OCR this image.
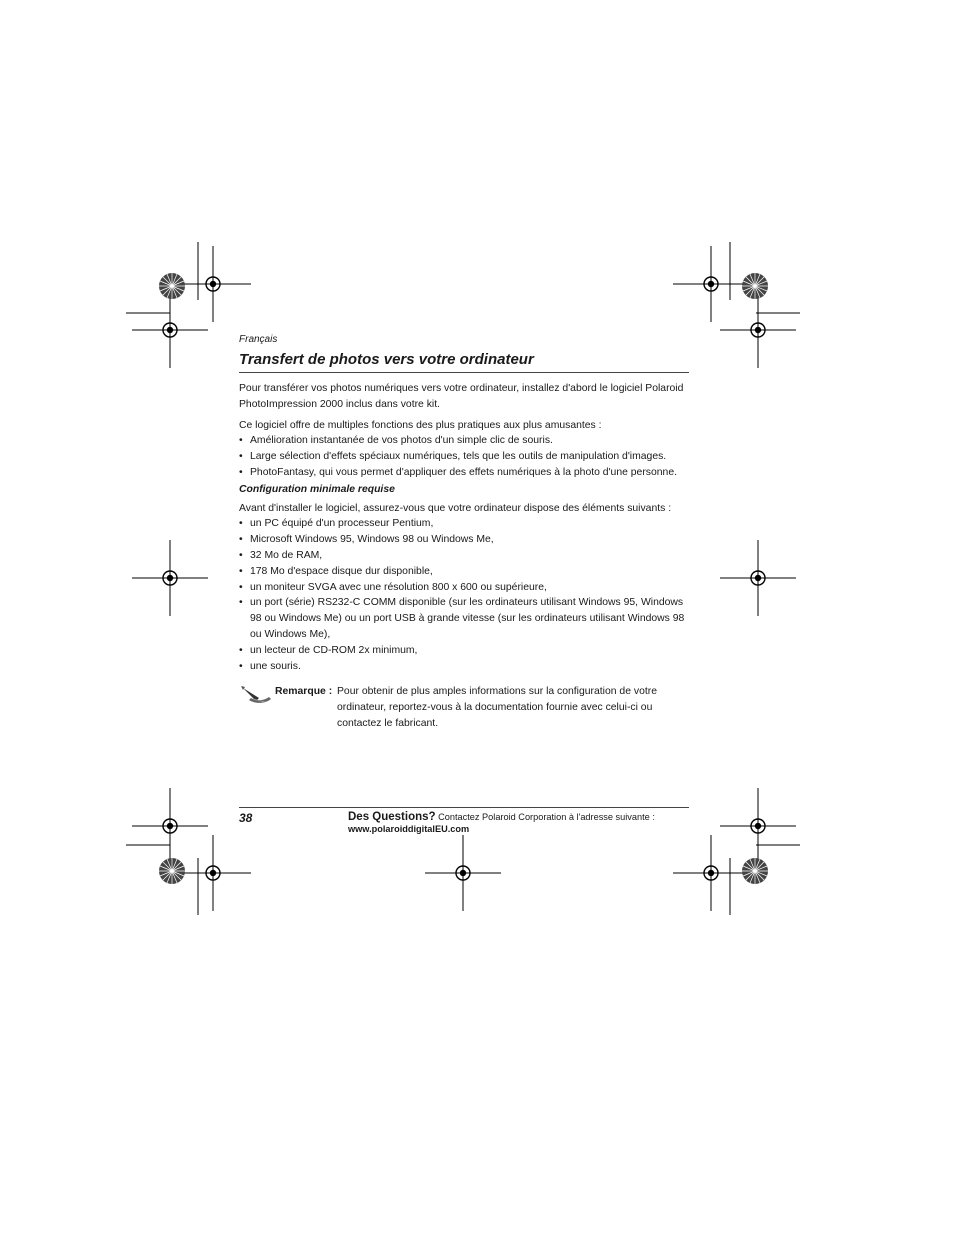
Français

Transfert de photos vers votre ordinateur

Pour transférer vos photos numériques vers votre ordinateur, installez d'abord le logiciel Polaroid PhotoImpression 2000 inclus dans votre kit.

Ce logiciel offre de multiples fonctions des plus pratiques aux plus amusantes :

• Amélioration instantanée de vos photos d'un simple clic de souris.
• Large sélection d'effets spéciaux numériques, tels que les outils de manipulation d'images.
• PhotoFantasy, qui vous permet d'appliquer des effets numériques à la photo d'une personne.

Configuration minimale requise

Avant d'installer le logiciel, assurez-vous que votre ordinateur dispose des éléments suivants :

• un PC équipé d'un processeur Pentium,
• Microsoft Windows 95, Windows 98 ou Windows Me,
• 32 Mo de RAM,
• 178 Mo d'espace disque dur disponible,
• un moniteur SVGA avec une résolution 800 x 600 ou supérieure,
• un port (série) RS232-C COMM disponible (sur les ordinateurs utilisant Windows 95, Windows 98 ou Windows Me) ou un port USB à grande vitesse (sur les ordinateurs utilisant Windows 98 ou Windows Me),
• un lecteur de CD-ROM 2x minimum,
• une souris.
Remarque : Pour obtenir de plus amples informations sur la configuration de votre ordinateur, reportez-vous à la documentation fournie avec celui-ci ou contactez le fabricant.
38	Des Questions? Contactez Polaroid Corporation à l'adresse suivante :
www.polaroiddigitalEU.com
